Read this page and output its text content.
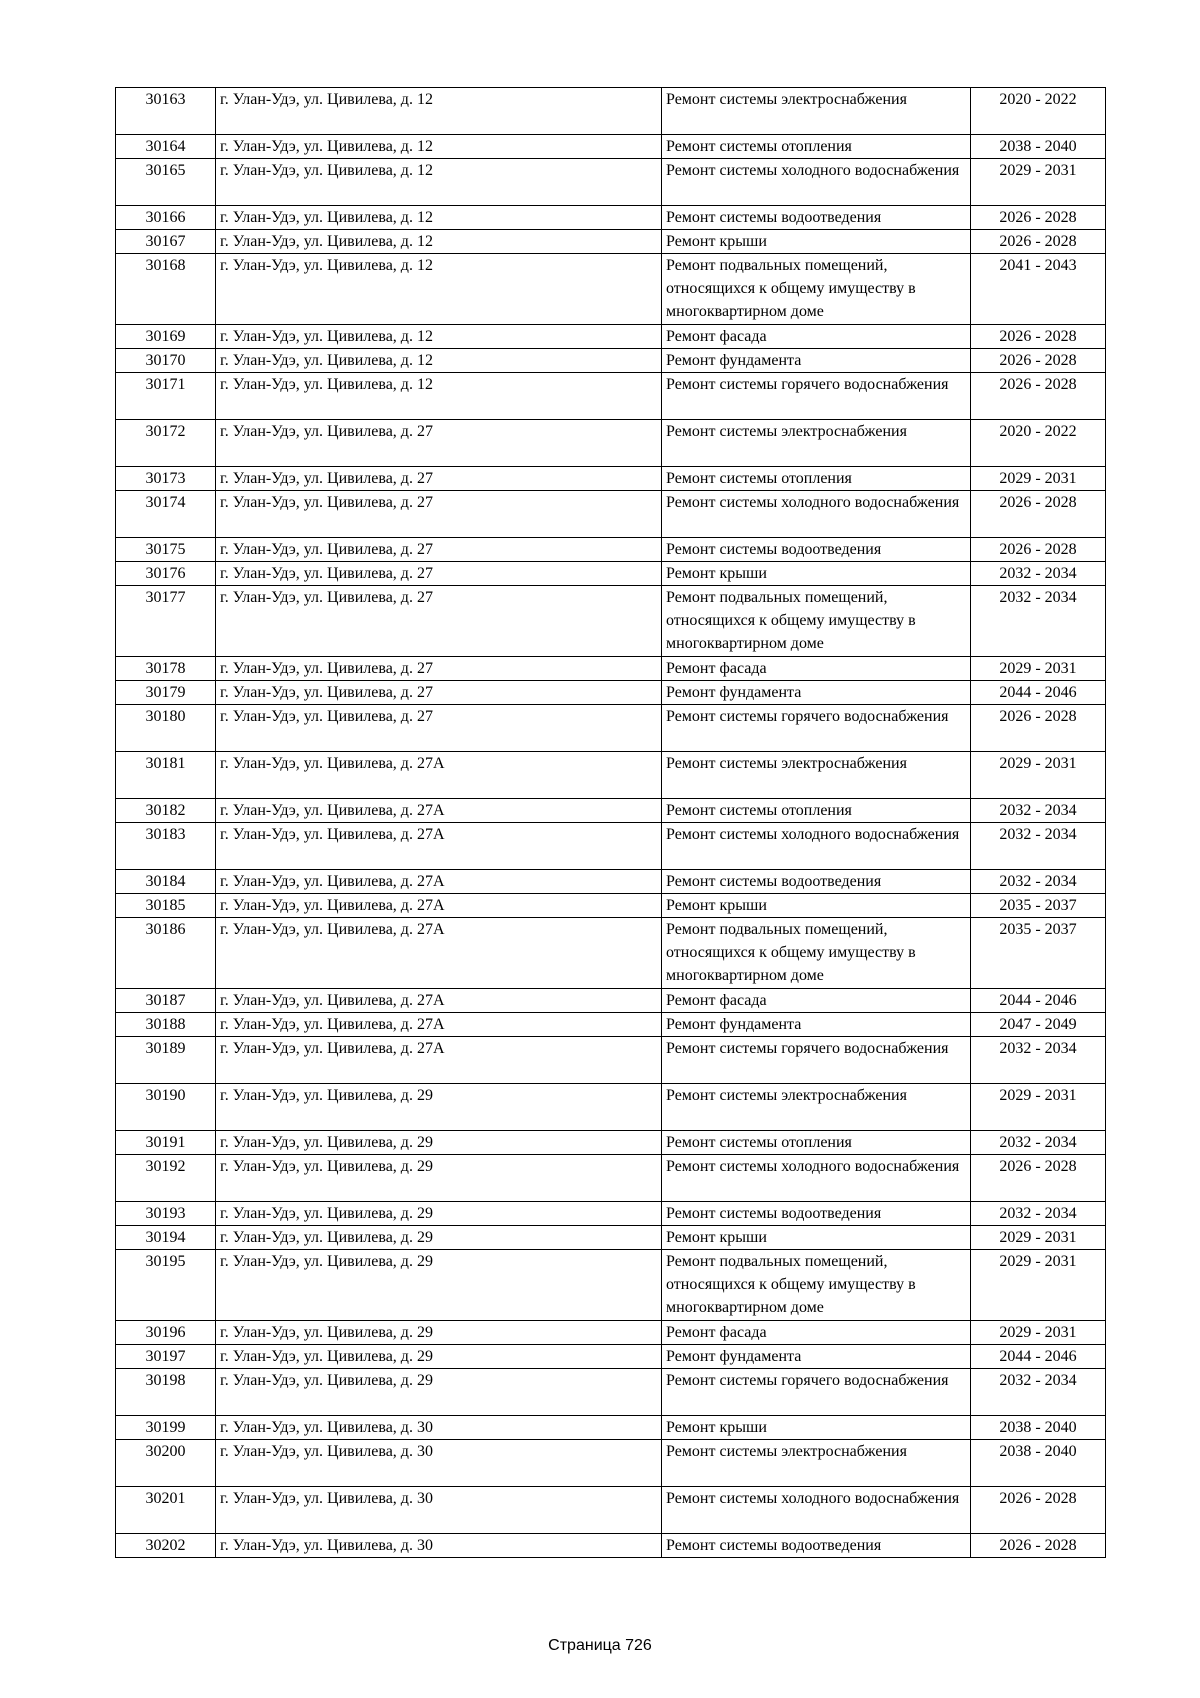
30163	г. Улан-Удэ, ул. Цивилева, д. 12	Ремонт системы электроснабжения	2020 - 2022
30164	г. Улан-Удэ, ул. Цивилева, д. 12	Ремонт системы отопления	2038 - 2040
30165	г. Улан-Удэ, ул. Цивилева, д. 12	Ремонт системы холодного водоснабжения	2029 - 2031
30166	г. Улан-Удэ, ул. Цивилева, д. 12	Ремонт системы водоотведения	2026 - 2028
30167	г. Улан-Удэ, ул. Цивилева, д. 12	Ремонт крыши	2026 - 2028
30168	г. Улан-Удэ, ул. Цивилева, д. 12	Ремонт подвальных помещений, относящихся к общему имуществу в многоквартирном доме	2041 - 2043
30169	г. Улан-Удэ, ул. Цивилева, д. 12	Ремонт фасада	2026 - 2028
30170	г. Улан-Удэ, ул. Цивилева, д. 12	Ремонт фундамента	2026 - 2028
30171	г. Улан-Удэ, ул. Цивилева, д. 12	Ремонт системы горячего водоснабжения	2026 - 2028
30172	г. Улан-Удэ, ул. Цивилева, д. 27	Ремонт системы электроснабжения	2020 - 2022
30173	г. Улан-Удэ, ул. Цивилева, д. 27	Ремонт системы отопления	2029 - 2031
30174	г. Улан-Удэ, ул. Цивилева, д. 27	Ремонт системы холодного водоснабжения	2026 - 2028
30175	г. Улан-Удэ, ул. Цивилева, д. 27	Ремонт системы водоотведения	2026 - 2028
30176	г. Улан-Удэ, ул. Цивилева, д. 27	Ремонт крыши	2032 - 2034
30177	г. Улан-Удэ, ул. Цивилева, д. 27	Ремонт подвальных помещений, относящихся к общему имуществу в многоквартирном доме	2032 - 2034
30178	г. Улан-Удэ, ул. Цивилева, д. 27	Ремонт фасада	2029 - 2031
30179	г. Улан-Удэ, ул. Цивилева, д. 27	Ремонт фундамента	2044 - 2046
30180	г. Улан-Удэ, ул. Цивилева, д. 27	Ремонт системы горячего водоснабжения	2026 - 2028
30181	г. Улан-Удэ, ул. Цивилева, д. 27А	Ремонт системы электроснабжения	2029 - 2031
30182	г. Улан-Удэ, ул. Цивилева, д. 27А	Ремонт системы отопления	2032 - 2034
30183	г. Улан-Удэ, ул. Цивилева, д. 27А	Ремонт системы холодного водоснабжения	2032 - 2034
30184	г. Улан-Удэ, ул. Цивилева, д. 27А	Ремонт системы водоотведения	2032 - 2034
30185	г. Улан-Удэ, ул. Цивилева, д. 27А	Ремонт крыши	2035 - 2037
30186	г. Улан-Удэ, ул. Цивилева, д. 27А	Ремонт подвальных помещений, относящихся к общему имуществу в многоквартирном доме	2035 - 2037
30187	г. Улан-Удэ, ул. Цивилева, д. 27А	Ремонт фасада	2044 - 2046
30188	г. Улан-Удэ, ул. Цивилева, д. 27А	Ремонт фундамента	2047 - 2049
30189	г. Улан-Удэ, ул. Цивилева, д. 27А	Ремонт системы горячего водоснабжения	2032 - 2034
30190	г. Улан-Удэ, ул. Цивилева, д. 29	Ремонт системы электроснабжения	2029 - 2031
30191	г. Улан-Удэ, ул. Цивилева, д. 29	Ремонт системы отопления	2032 - 2034
30192	г. Улан-Удэ, ул. Цивилева, д. 29	Ремонт системы холодного водоснабжения	2026 - 2028
30193	г. Улан-Удэ, ул. Цивилева, д. 29	Ремонт системы водоотведения	2032 - 2034
30194	г. Улан-Удэ, ул. Цивилева, д. 29	Ремонт крыши	2029 - 2031
30195	г. Улан-Удэ, ул. Цивилева, д. 29	Ремонт подвальных помещений, относящихся к общему имуществу в многоквартирном доме	2029 - 2031
30196	г. Улан-Удэ, ул. Цивилева, д. 29	Ремонт фасада	2029 - 2031
30197	г. Улан-Удэ, ул. Цивилева, д. 29	Ремонт фундамента	2044 - 2046
30198	г. Улан-Удэ, ул. Цивилева, д. 29	Ремонт системы горячего водоснабжения	2032 - 2034
30199	г. Улан-Удэ, ул. Цивилева, д. 30	Ремонт крыши	2038 - 2040
30200	г. Улан-Удэ, ул. Цивилева, д. 30	Ремонт системы электроснабжения	2038 - 2040
30201	г. Улан-Удэ, ул. Цивилева, д. 30	Ремонт системы холодного водоснабжения	2026 - 2028
30202	г. Улан-Удэ, ул. Цивилева, д. 30	Ремонт системы водоотведения	2026 - 2028
Страница 726
